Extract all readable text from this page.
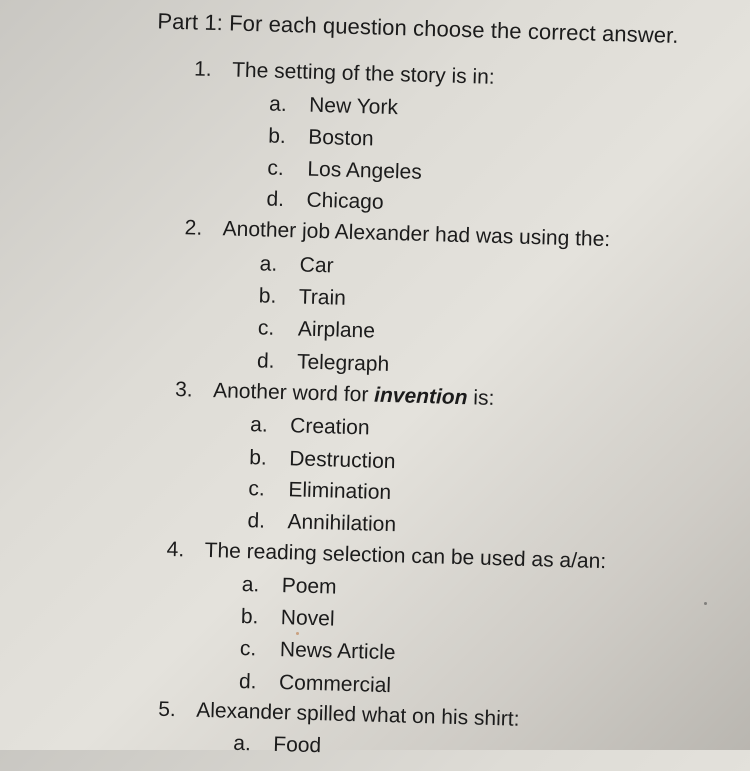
Part 1: For each question choose the correct answer.
1. The setting of the story is in:
a. New York
b. Boston
c. Los Angeles
d. Chicago
2. Another job Alexander had was using the:
a. Car
b. Train
c. Airplane
d. Telegraph
3. Another word for invention is:
a. Creation
b. Destruction
c. Elimination
d. Annihilation
4. The reading selection can be used as a/an:
a. Poem
b. Novel
c. News Article
d. Commercial
5. Alexander spilled what on his shirt:
a. Food
